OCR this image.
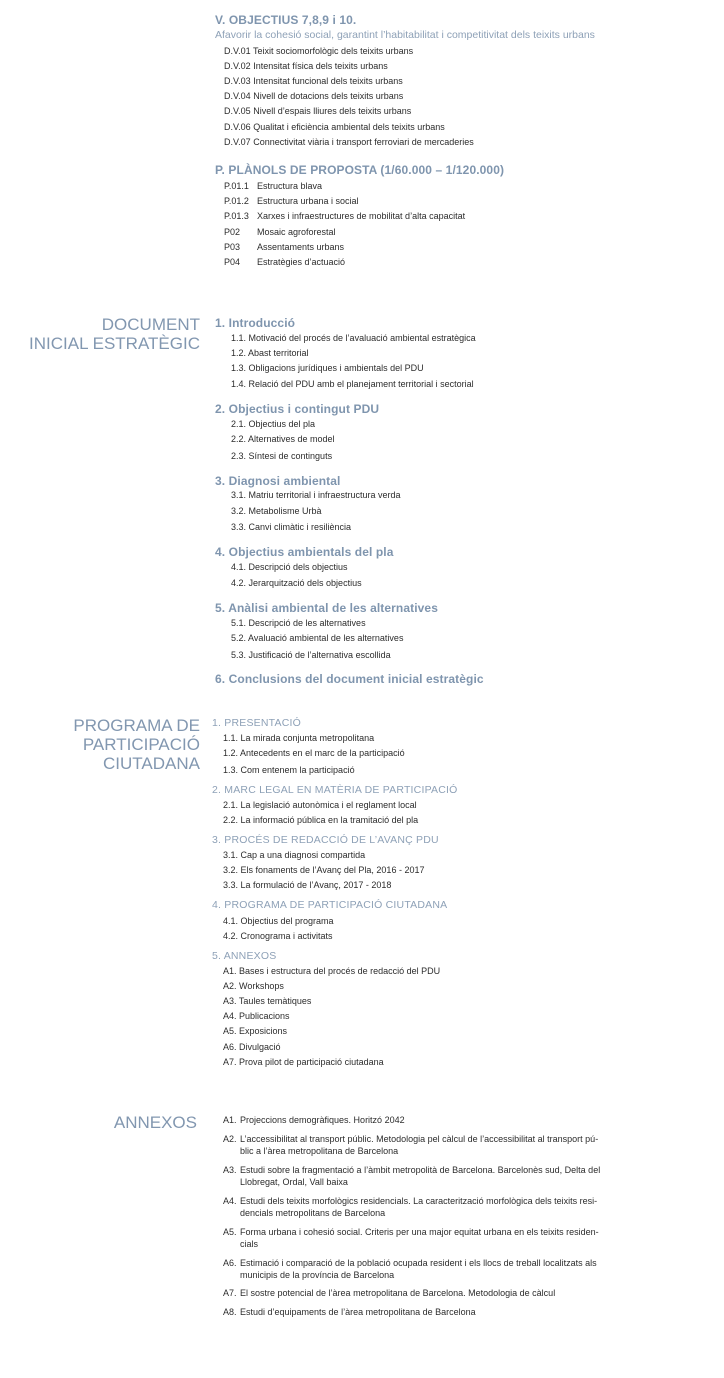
V. OBJECTIUS 7,8,9 i 10.
Afavorir la cohesió social, garantint l’habitabilitat i competitivitat dels teixits urbans
D.V.01 Teixit sociomorfològic dels teixits urbans
D.V.02 Intensitat física dels teixits urbans
D.V.03 Intensitat funcional dels teixits urbans
D.V.04 Nivell de dotacions dels teixits urbans
D.V.05 Nivell d’espais lliures dels teixits urbans
D.V.06 Qualitat i eficiència ambiental dels teixits urbans
D.V.07 Connectivitat viària i transport ferroviari de mercaderies
P. PLÀNOLS DE PROPOSTA (1/60.000 – 1/120.000)
P.01.1 Estructura blava
P.01.2 Estructura urbana i social
P.01.3 Xarxes i infraestructures de mobilitat d’alta capacitat
P02 Mosaic agroforestal
P03 Assentaments urbans
P04 Estratègies d’actuació
DOCUMENT
INICIAL ESTRATÈGIC
1. Introducció
1.1. Motivació del procés de l’avaluació ambiental estratègica
1.2. Abast territorial
1.3. Obligacions jurídiques i ambientals del PDU
1.4. Relació del PDU amb el planejament territorial i sectorial
2. Objectius i contingut PDU
2.1. Objectius del pla
2.2. Alternatives de model
2.3. Síntesi de continguts
3. Diagnosi ambiental
3.1. Matriu territorial i infraestructura verda
3.2. Metabolisme Urbà
3.3. Canvi climàtic i resiliència
4. Objectius ambientals del pla
4.1. Descripció dels objectius
4.2. Jerarquització dels objectius
5. Anàlisi ambiental de les alternatives
5.1. Descripció de les alternatives
5.2. Avaluació ambiental de les alternatives
5.3. Justificació de l’alternativa escollida
6. Conclusions del document inicial estratègic
PROGRAMA DE
PARTICIPACIÓ
CIUTADANA
1. PRESENTACIÓ
1.1. La mirada conjunta metropolitana
1.2. Antecedents en el marc de la participació
1.3. Com entenem la participació
2. MARC LEGAL EN MATÈRIA DE PARTICIPACIÓ
2.1. La legislació autonòmica i el reglament local
2.2. La informació pública en la tramitació del pla
3. PROCÉS DE REDACCIÓ DE L’AVANÇ PDU
3.1. Cap a una diagnosi compartida
3.2. Els fonaments de l’Avanç del Pla, 2016 - 2017
3.3. La formulació de l’Avanç, 2017 - 2018
4. PROGRAMA DE PARTICIPACIÓ CIUTADANA
4.1. Objectius del programa
4.2. Cronograma i activitats
5. ANNEXOS
A1. Bases i estructura del procés de redacció del PDU
A2. Workshops
A3. Taules temàtiques
A4. Publicacions
A5. Exposicions
A6. Divulgació
A7. Prova pilot de participació ciutadana
ANNEXOS	A1. Projeccions demogràfiques. Horitzó 2042
A2. L’accessibilitat al transport públic. Metodologia pel càlcul de l’accessibilitat al transport pú-
blic a l’àrea metropolitana de Barcelona
A3. Estudi sobre la fragmentació a l’àmbit metropolità de Barcelona. Barcelonès sud, Delta del
Llobregat, Ordal, Vall baixa
A4. Estudi dels teixits morfològics residencials. La caracterització morfològica dels teixits resi-
dencials metropolitans de Barcelona
A5. Forma urbana i cohesió social. Criteris per una major equitat urbana en els teixits residen-
cials
A6. Estimació i comparació de la població ocupada resident i els llocs de treball localitzats als
municipis de la província de Barcelona
A7. El sostre potencial de l’àrea metropolitana de Barcelona. Metodologia de càlcul
A8. Estudi d’equipaments de l’àrea metropolitana de Barcelona
